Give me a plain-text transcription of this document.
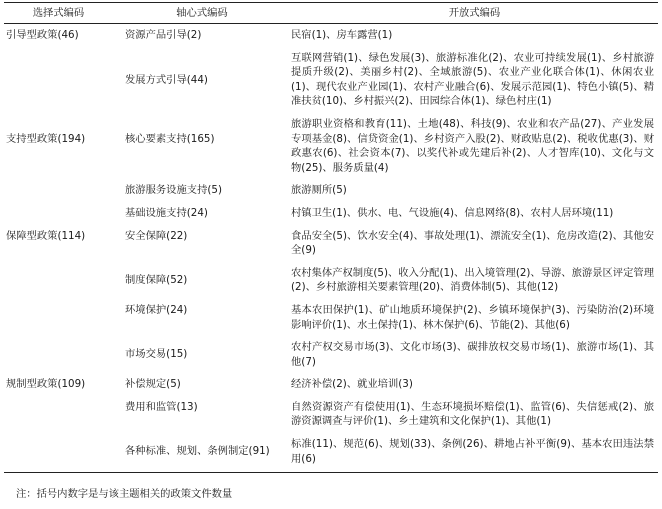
选择式编码	轴心式编码	开放式编码
引导型政策(46)	资源产品引导(2)	民宿(1)、房车露营(1)
	发展方式引导(44)	互联网营销(1)、绿色发展(3)、旅游标准化(2)、农业可持续发展(1)、乡村旅游提质升级(2)、美丽乡村(2)、全域旅游(5)、农业产业化联合体(1)、休闲农业(1)、现代农业产业园(1)、农村产业融合(6)、发展示范园(1)、特色小镇(5)、精准扶贫(10)、乡村振兴(2)、田园综合体(1)、绿色村庄(1)
支持型政策(194)	核心要素支持(165)	旅游职业资格和教育(11)、土地(48)、科技(9)、农业和农产品(27)、产业发展专项基金(8)、信贷资金(1)、乡村资产入股(2)、财政贴息(2)、税收优惠(3)、财政惠农(6)、社会资本(7)、以奖代补或先建后补(2)、人才智库(10)、文化与文物(25)、服务质量(4)
	旅游服务设施支持(5)	旅游厕所(5)
	基础设施支持(24)	村镇卫生(1)、供水、电、气设施(4)、信息网络(8)、农村人居环境(11)
保障型政策(114)	安全保障(22)	食品安全(5)、饮水安全(4)、事故处理(1)、漂流安全(1)、危房改造(2)、其他安全(9)
	制度保障(52)	农村集体产权制度(5)、收入分配(1)、出入境管理(2)、导游、旅游景区评定管理(2)、乡村旅游相关要素管理(20)、消费体制(5)、其他(12)
	环境保护(24)	基本农田保护(1)、矿山地质环境保护(2)、乡镇环境保护(3)、污染防治(2)环境影响评价(1)、水土保持(1)、林木保护(6)、节能(2)、其他(6)
	市场交易(15)	农村产权交易市场(3)、文化市场(3)、碳排放权交易市场(1)、旅游市场(1)、其他(7)
规制型政策(109)	补偿规定(5)	经济补偿(2)、就业培训(3)
	费用和监管(13)	自然资源资产有偿使用(1)、生态环境损坏赔偿(1)、监管(6)、失信惩戒(2)、旅游资源调查与评价(1)、乡土建筑和文化保护(1)、其他(1)
	各种标准、规划、条例制定(91)	标准(11)、规范(6)、规划(33)、条例(26)、耕地占补平衡(9)、基本农田违法禁用(6)
注：括号内数字是与该主题相关的政策文件数量
